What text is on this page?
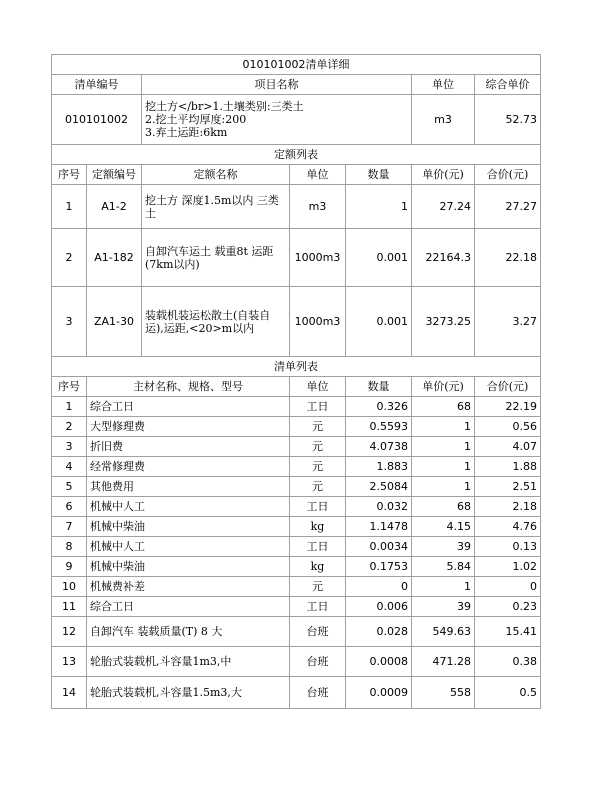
010101002清单详细						
清单编号		项目名称			单位	综合单价
010101002		挖土方</br>1.土壤类别:三类土
2.挖土平均厚度:200
3.弃土运距:6km			m3	52.73
定额列表						
序号	定额编号	定额名称	单位	数量	单价(元)	合价(元)
1	A1-2	挖土方 深度1.5m以内 三类土	m3	1	27.24	27.27
2	A1-182	自卸汽车运土 载重8t 运距(7km以内)	1000m3	0.001	22164.3	22.18
3	ZA1-30	装载机装运松散土(自装自运),运距,<20>m以内	1000m3	0.001	3273.25	3.27
清单列表						
序号	主材名称、规格、型号		单位	数量	单价(元)	合价(元)
1	综合工日		工日	0.326	68	22.19
2	大型修理费		元	0.5593	1	0.56
3	折旧费		元	4.0738	1	4.07
4	经常修理费		元	1.883	1	1.88
5	其他费用		元	2.5084	1	2.51
6	机械中人工		工日	0.032	68	2.18
7	机械中柴油		kg	1.1478	4.15	4.76
8	机械中人工		工日	0.0034	39	0.13
9	机械中柴油		kg	0.1753	5.84	1.02
10	机械费补差		元	0	1	0
11	综合工日		工日	0.006	39	0.23
12	自卸汽车 装载质量(T) 8 大		台班	0.028	549.63	15.41
13	轮胎式装载机,斗容量1m3,中		台班	0.0008	471.28	0.38
14	轮胎式装载机,斗容量1.5m3,大		台班	0.0009	558	0.5
